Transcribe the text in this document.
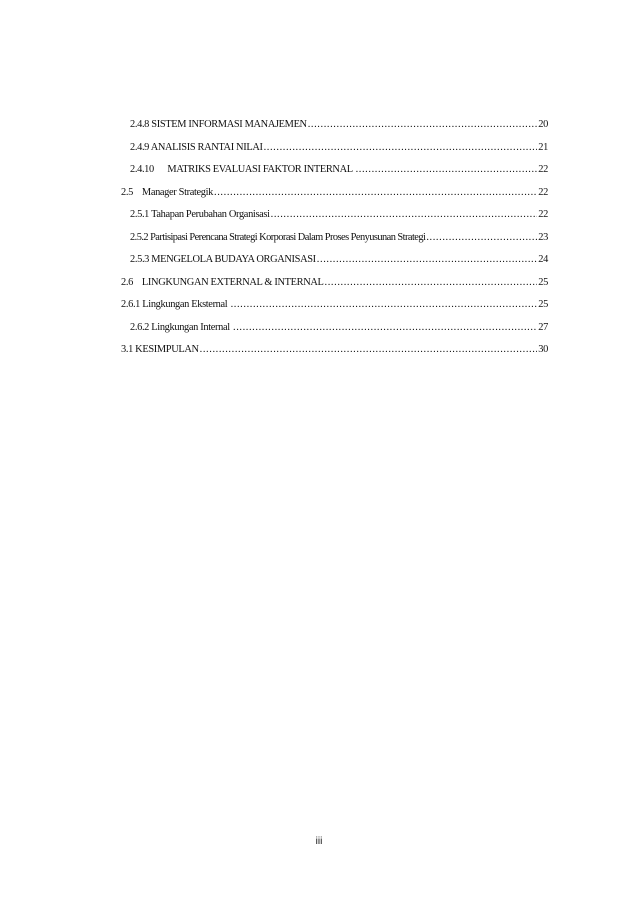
2.4.8 SISTEM INFORMASI MANAJEMEN .....	20
2.4.9 ANALISIS RANTAI NILAI .....	21
2.4.10      MATRIKS EVALUASI FAKTOR INTERNAL .....	22
2.5    Manager Strategik .....	22
2.5.1 Tahapan Perubahan Organisasi .....	22
2.5.2 Partisipasi Perencana Strategi Korporasi Dalam Proses Penyusunan Strategi .....	23
2.5.3 MENGELOLA BUDAYA ORGANISASI .....	24
2.6    LINGKUNGAN EXTERNAL & INTERNAL .....	25
2.6.1 Lingkungan Eksternal .....	25
2.6.2 Lingkungan Internal .....	27
3.1 KESIMPULAN .....	30
iii
